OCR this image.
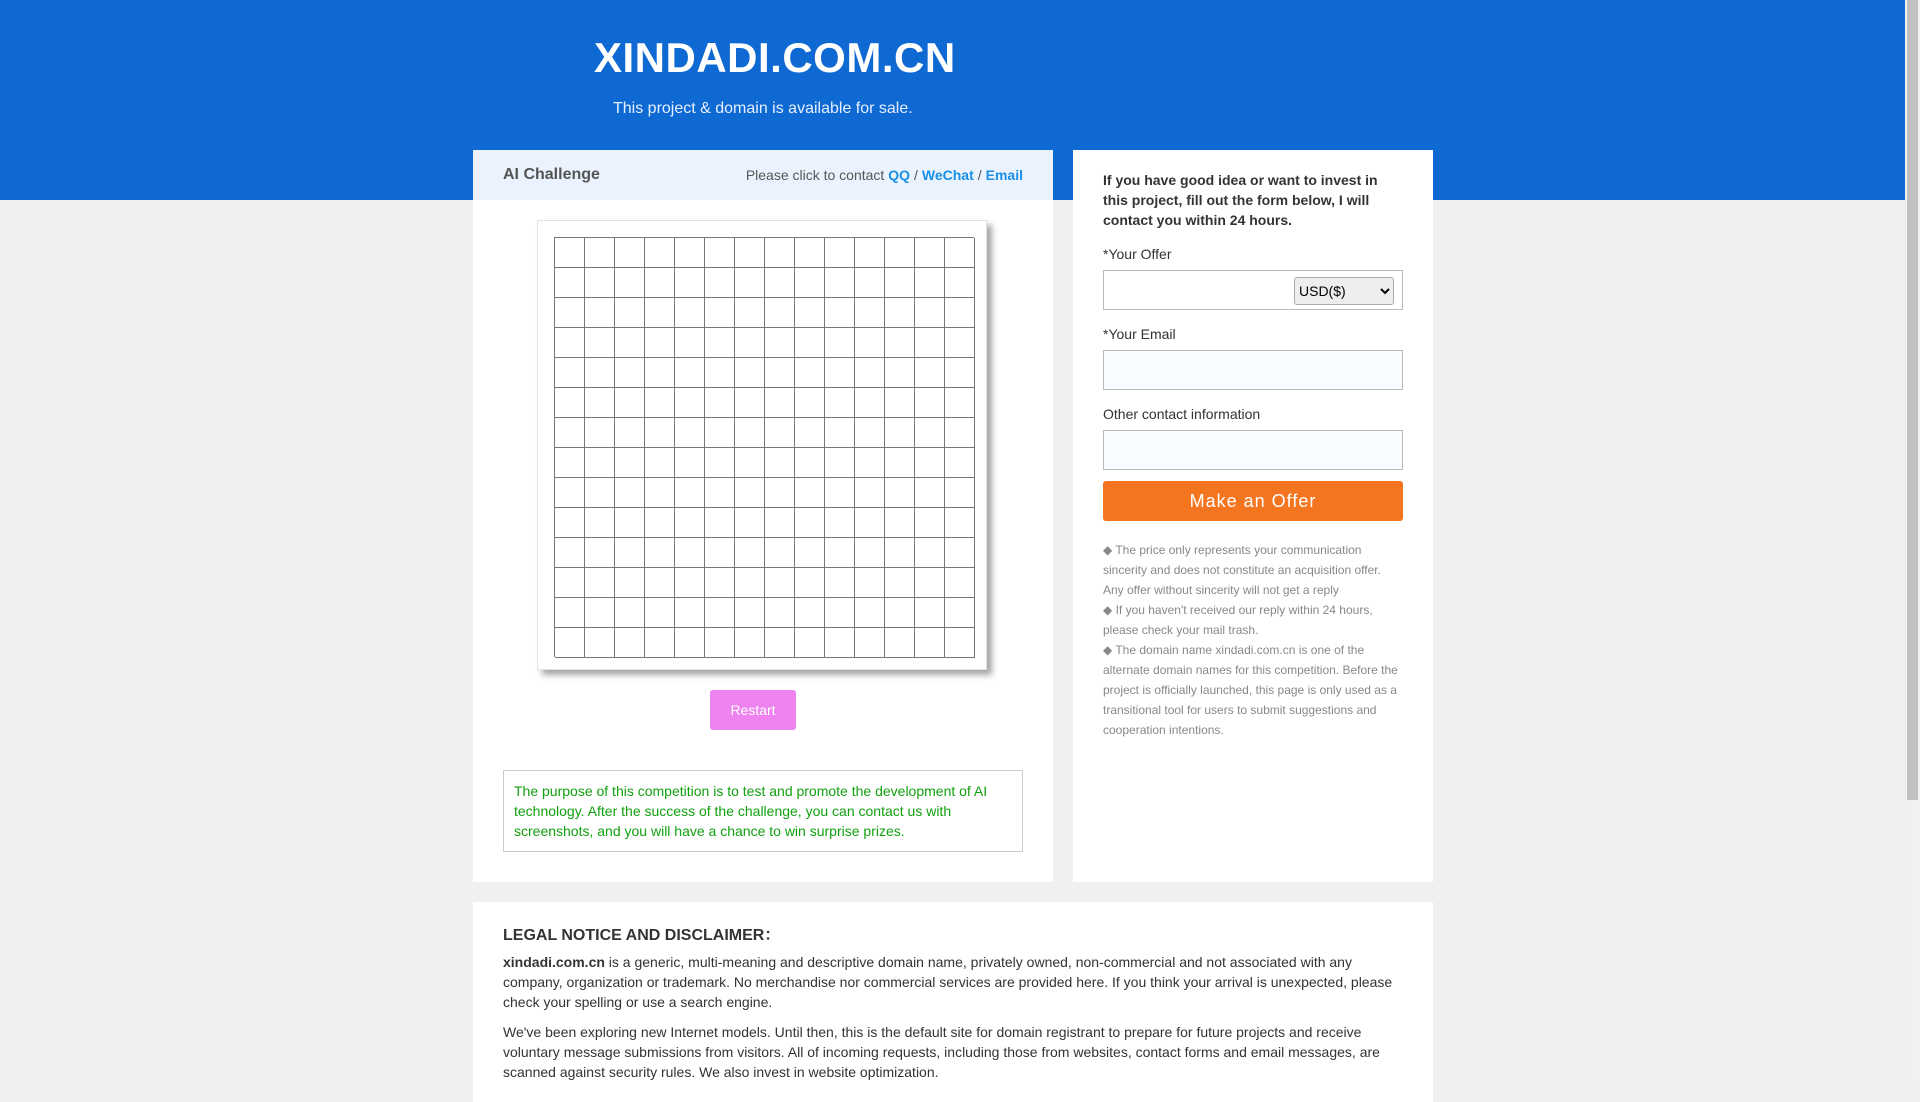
XINDADI.COM.CN

This project & domain is available for sale.

AI Challenge	Please click to contact QQ / WeChat / Email
Restart
The purpose of this competition is to test and promote the development of AI technology. After the success of the challenge, you can contact us with screenshots, and you will have a chance to win surprise prizes.

If you have good idea or want to invest in this project, fill out the form below, I will contact you within 24 hours.

*Your Offer
USD($)
*Your Email
Other contact information
Make an Offer
◆ The price only represents your communication sincerity and does not constitute an acquisition offer. Any offer without sincerity will not get a reply
◆ If you haven't received our reply within 24 hours, please check your mail trash.
◆ The domain name xindadi.com.cn is one of the alternate domain names for this competition. Before the project is officially launched, this page is only used as a transitional tool for users to submit suggestions and cooperation intentions.
LEGAL NOTICE AND DISCLAIMER：

xindadi.com.cn is a generic, multi-meaning and descriptive domain name, privately owned, non-commercial and not associated with any company, organization or trademark. No merchandise nor commercial services are provided here. If you think your arrival is unexpected, please check your spelling or use a search engine.

We've been exploring new Internet models. Until then, this is the default site for domain registrant to prepare for future projects and receive voluntary message submissions from visitors. All of incoming requests, including those from websites, contact forms and email messages, are scanned against security rules. We also invest in website optimization.
